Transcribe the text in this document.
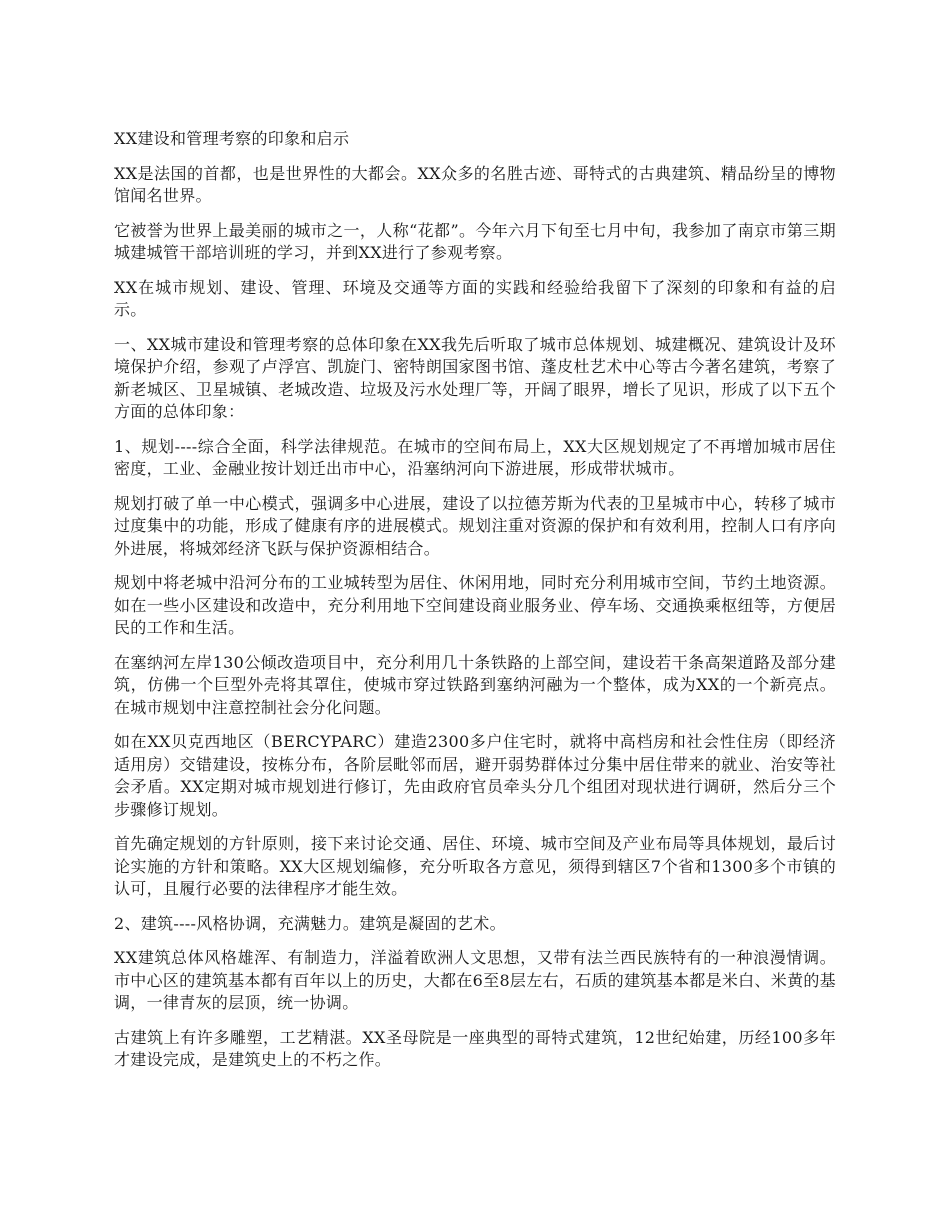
XX建设和管理考察的印象和启示

XX是法国的首都，也是世界性的大都会。XX众多的名胜古迹、哥特式的古典建筑、精品纷呈的博物馆闻名世界。

它被誉为世界上最美丽的城市之一，人称“花都”。今年六月下旬至七月中旬，我参加了南京市第三期城建城管干部培训班的学习，并到XX进行了参观考察。

XX在城市规划、建设、管理、环境及交通等方面的实践和经验给我留下了深刻的印象和有益的启示。

一、XX城市建设和管理考察的总体印象在XX我先后听取了城市总体规划、城建概况、建筑设计及环境保护介绍，参观了卢浮宫、凯旋门、密特朗国家图书馆、蓬皮杜艺术中心等古今著名建筑，考察了新老城区、卫星城镇、老城改造、垃圾及污水处理厂等，开阔了眼界，增长了见识，形成了以下五个方面的总体印象：

1、规划----综合全面，科学法律规范。在城市的空间布局上，XX大区规划规定了不再增加城市居住密度，工业、金融业按计划迁出市中心，沿塞纳河向下游进展，形成带状城市。

规划打破了单一中心模式，强调多中心进展，建设了以拉德芳斯为代表的卫星城市中心，转移了城市过度集中的功能，形成了健康有序的进展模式。规划注重对资源的保护和有效利用，控制人口有序向外进展，将城郊经济飞跃与保护资源相结合。

规划中将老城中沿河分布的工业城转型为居住、休闲用地，同时充分利用城市空间，节约土地资源。如在一些小区建设和改造中，充分利用地下空间建设商业服务业、停车场、交通换乘枢纽等，方便居民的工作和生活。

在塞纳河左岸130公倾改造项目中，充分利用几十条铁路的上部空间，建设若干条高架道路及部分建筑，仿佛一个巨型外壳将其罩住，使城市穿过铁路到塞纳河融为一个整体，成为XX的一个新亮点。在城市规划中注意控制社会分化问题。

如在XX贝克西地区（BERCYPARC）建造2300多户住宅时，就将中高档房和社会性住房（即经济适用房）交错建设，按栋分布，各阶层毗邻而居，避开弱势群体过分集中居住带来的就业、治安等社会矛盾。XX定期对城市规划进行修订，先由政府官员牵头分几个组团对现状进行调研，然后分三个步骤修订规划。

首先确定规划的方针原则，接下来讨论交通、居住、环境、城市空间及产业布局等具体规划，最后讨论实施的方针和策略。XX大区规划编修，充分听取各方意见，须得到辖区7个省和1300多个市镇的认可，且履行必要的法律程序才能生效。

2、建筑----风格协调，充满魅力。建筑是凝固的艺术。

XX建筑总体风格雄浑、有制造力，洋溢着欧洲人文思想，又带有法兰西民族特有的一种浪漫情调。市中心区的建筑基本都有百年以上的历史，大都在6至8层左右，石质的建筑基本都是米白、米黄的基调，一律青灰的层顶，统一协调。

古建筑上有许多雕塑，工艺精湛。XX圣母院是一座典型的哥特式建筑，12世纪始建，历经100多年才建设完成，是建筑史上的不朽之作。
